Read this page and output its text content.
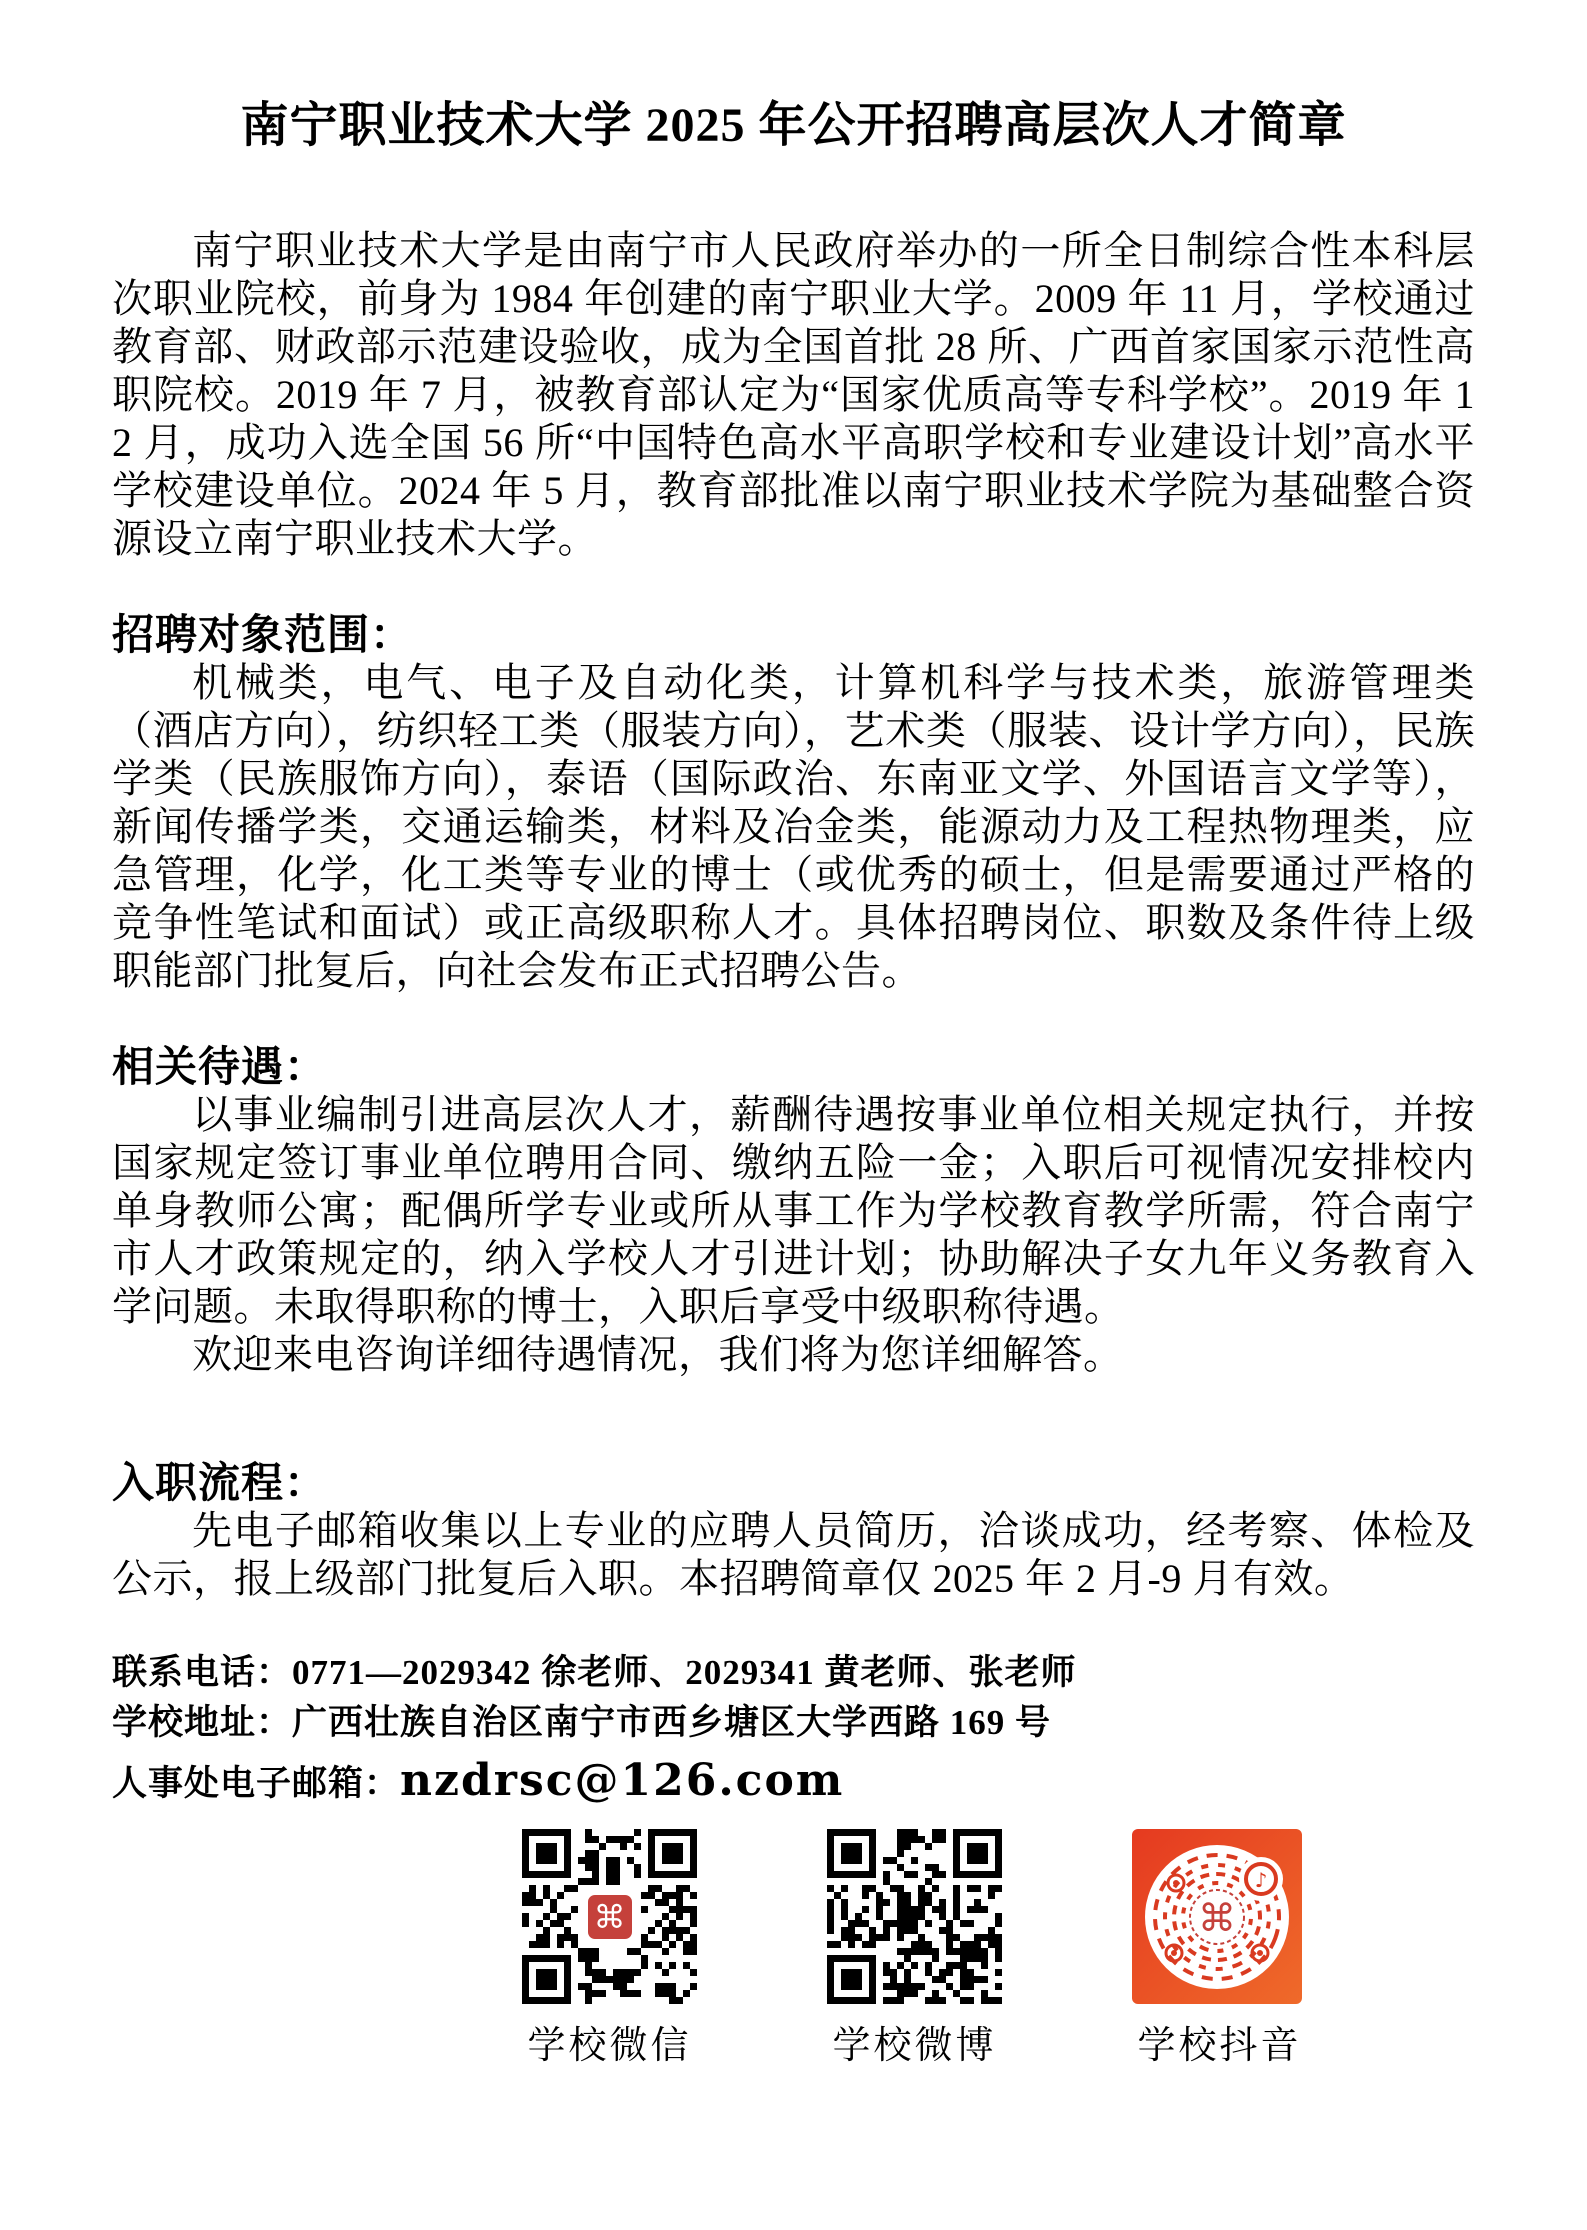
南宁职业技术大学 2025 年公开招聘高层次人才简章

南宁职业技术大学是由南宁市人民政府举办的一所全日制综合性本科层次职业院校，前身为 1984 年创建的南宁职业大学。2009 年 11 月，学校通过教育部、财政部示范建设验收，成为全国首批 28 所、广西首家国家示范性高职院校。2019 年 7 月，被教育部认定为“国家优质高等专科学校”。2019 年 12 月，成功入选全国 56 所“中国特色高水平高职学校和专业建设计划”高水平学校建设单位。2024 年 5 月，教育部批准以南宁职业技术学院为基础整合资源设立南宁职业技术大学。

招聘对象范围：

机械类，电气、电子及自动化类，计算机科学与技术类，旅游管理类（酒店方向），纺织轻工类（服装方向），艺术类（服装、设计学方向），民族学类（民族服饰方向），泰语（国际政治、东南亚文学、外国语言文学等），新闻传播学类，交通运输类，材料及冶金类，能源动力及工程热物理类，应急管理，化学，化工类等专业的博士（或优秀的硕士，但是需要通过严格的竞争性笔试和面试）或正高级职称人才。具体招聘岗位、职数及条件待上级职能部门批复后，向社会发布正式招聘公告。

相关待遇：

以事业编制引进高层次人才，薪酬待遇按事业单位相关规定执行，并按国家规定签订事业单位聘用合同、缴纳五险一金；入职后可视情况安排校内单身教师公寓；配偶所学专业或所从事工作为学校教育教学所需，符合南宁市人才政策规定的，纳入学校人才引进计划；协助解决子女九年义务教育入学问题。未取得职称的博士，入职后享受中级职称待遇。

欢迎来电咨询详细待遇情况，我们将为您详细解答。

入职流程：

先电子邮箱收集以上专业的应聘人员简历，洽谈成功，经考察、体检及公示，报上级部门批复后入职。本招聘简章仅 2025 年 2 月-9 月有效。

联系电话：0771—2029342 徐老师、2029341 黄老师、张老师

学校地址：广西壮族自治区南宁市西乡塘区大学西路 169 号

人事处电子邮箱：nzdrsc@126.com

⌘
学校微信	学校微博
⌘
♪
学校抖音
